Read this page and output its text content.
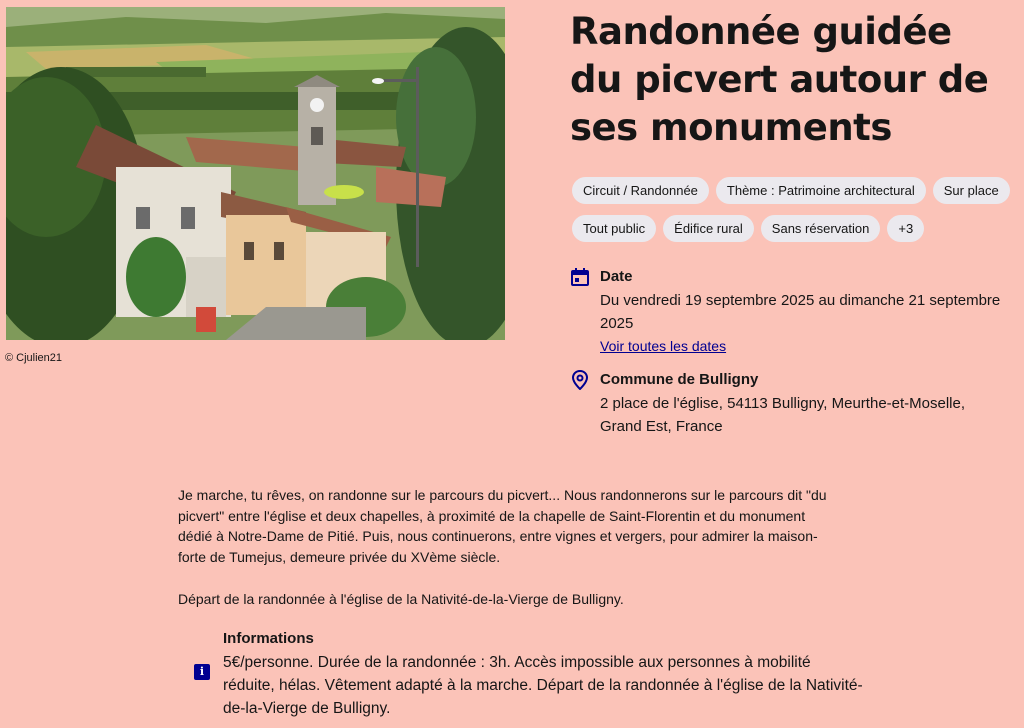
© Cjulien21
Randonnée guidée du picvert autour de ses monuments
Circuit / Randonnée	Thème : Patrimoine architectural	Sur place
Tout public	Édifice rural	Sans réservation	+3
Date
Du vendredi 19 septembre 2025 au dimanche 21 septembre 2025
Voir toutes les dates
Commune de Bulligny
2 place de l'église, 54113 Bulligny, Meurthe-et-Moselle, Grand Est, France

Je marche, tu rêves, on randonne sur le parcours du picvert... Nous randonnerons sur le parcours dit "du picvert" entre l'église et deux chapelles, à proximité de la chapelle de Saint-Florentin et du monument dédié à Notre-Dame de Pitié. Puis, nous continuerons, entre vignes et vergers, pour admirer la maison-forte de Tumejus, demeure privée du XVème siècle.

Départ de la randonnée à l'église de la Nativité-de-la-Vierge de Bulligny.

i
Informations
5€/personne. Durée de la randonnée : 3h. Accès impossible aux personnes à mobilité réduite, hélas. Vêtement adapté à la marche. Départ de la randonnée à l'église de la Nativité-de-la-Vierge de Bulligny.
